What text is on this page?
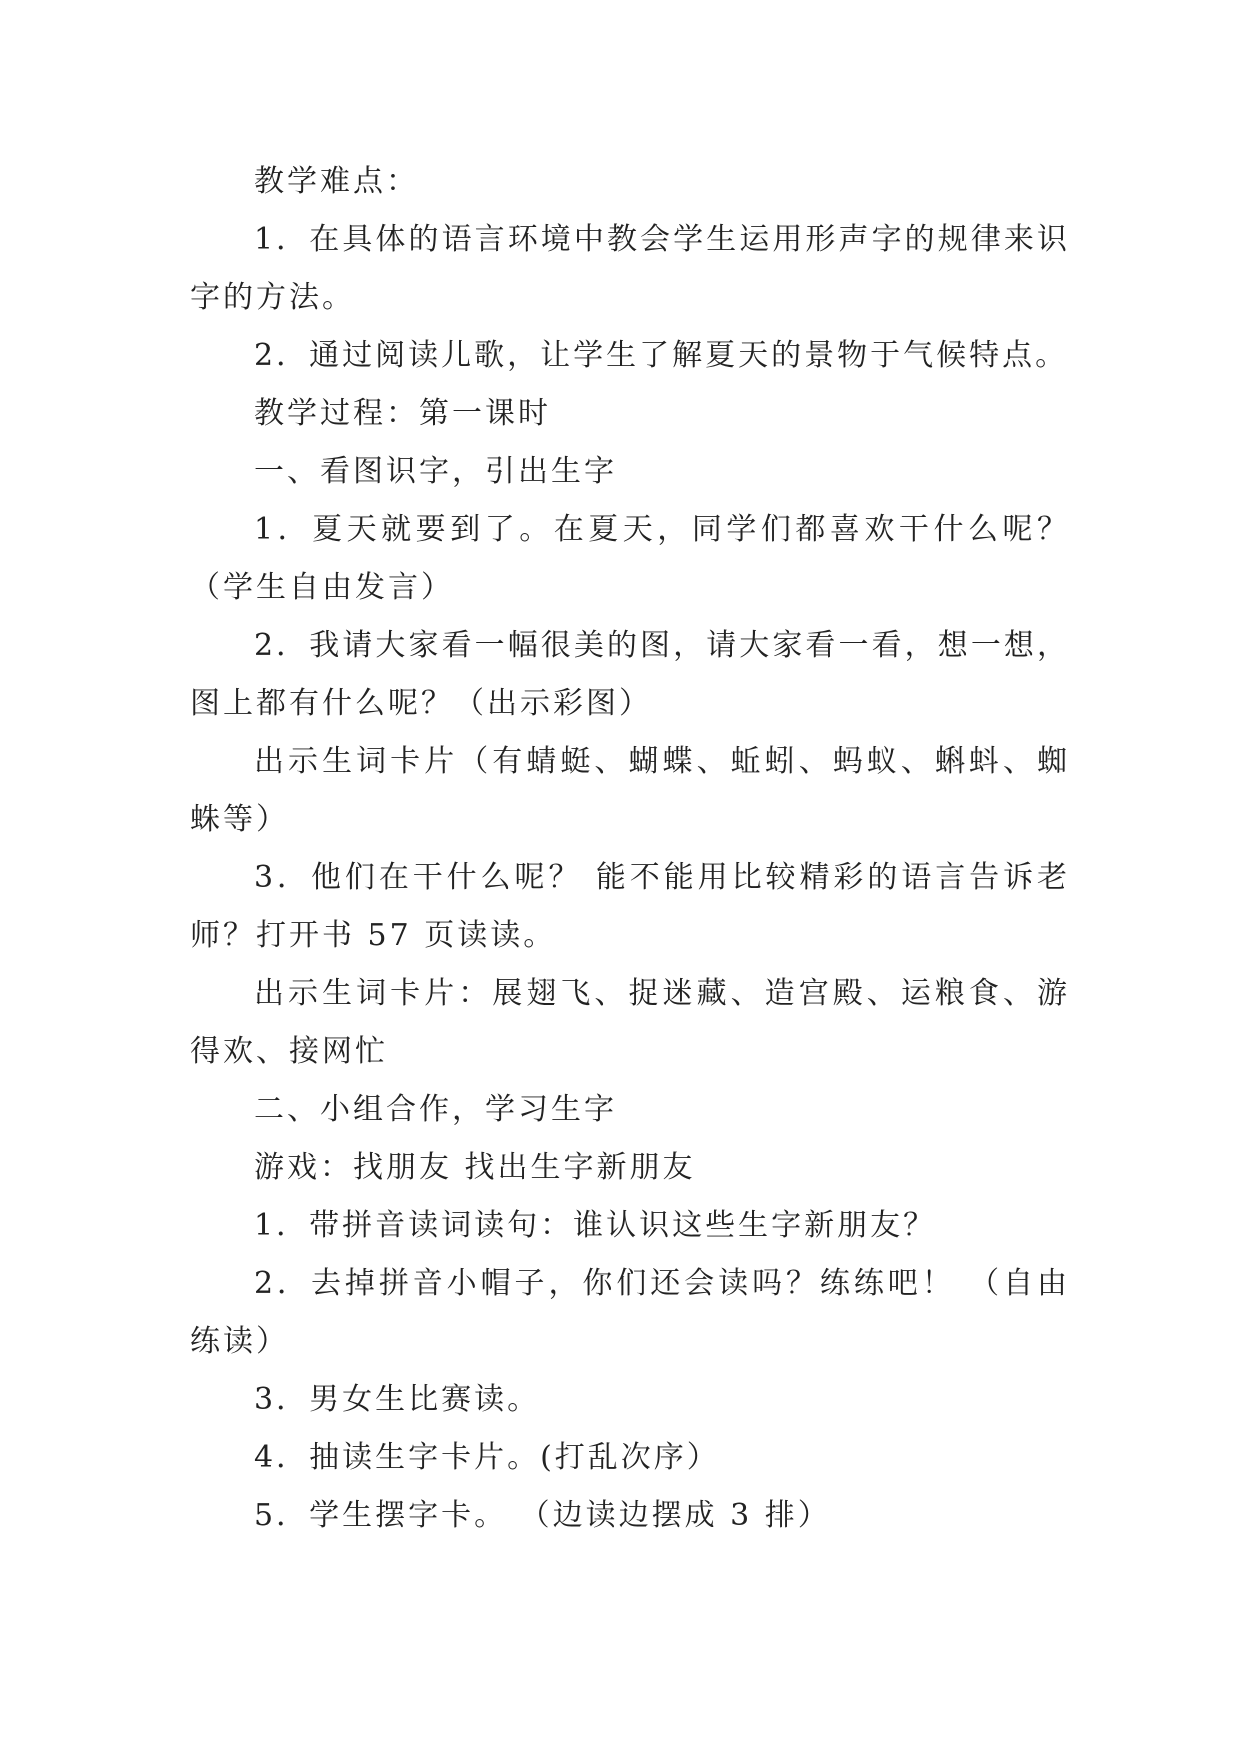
教学难点：

1．在具体的语言环境中教会学生运用形声字的规律来识字的方法。

2．通过阅读儿歌，让学生了解夏天的景物于气候特点。

教学过程：第一课时

一、看图识字，引出生字

1．夏天就要到了。在夏天，同学们都喜欢干什么呢？（学生自由发言）

2．我请大家看一幅很美的图，请大家看一看，想一想，图上都有什么呢？（出示彩图）

出示生词卡片（有蜻蜓、蝴蝶、蚯蚓、蚂蚁、蝌蚪、蜘蛛等）

3．他们在干什么呢？ 能不能用比较精彩的语言告诉老师？打开书 57 页读读。

出示生词卡片：展翅飞、捉迷藏、造宫殿、运粮食、游得欢、接网忙

二、小组合作，学习生字

游戏：找朋友 找出生字新朋友

1．带拼音读词读句：谁认识这些生字新朋友？

2．去掉拼音小帽子，你们还会读吗？练练吧！ （自由练读）

3．男女生比赛读。

4．抽读生字卡片。(打乱次序）

5．学生摆字卡。 （边读边摆成 3 排）
